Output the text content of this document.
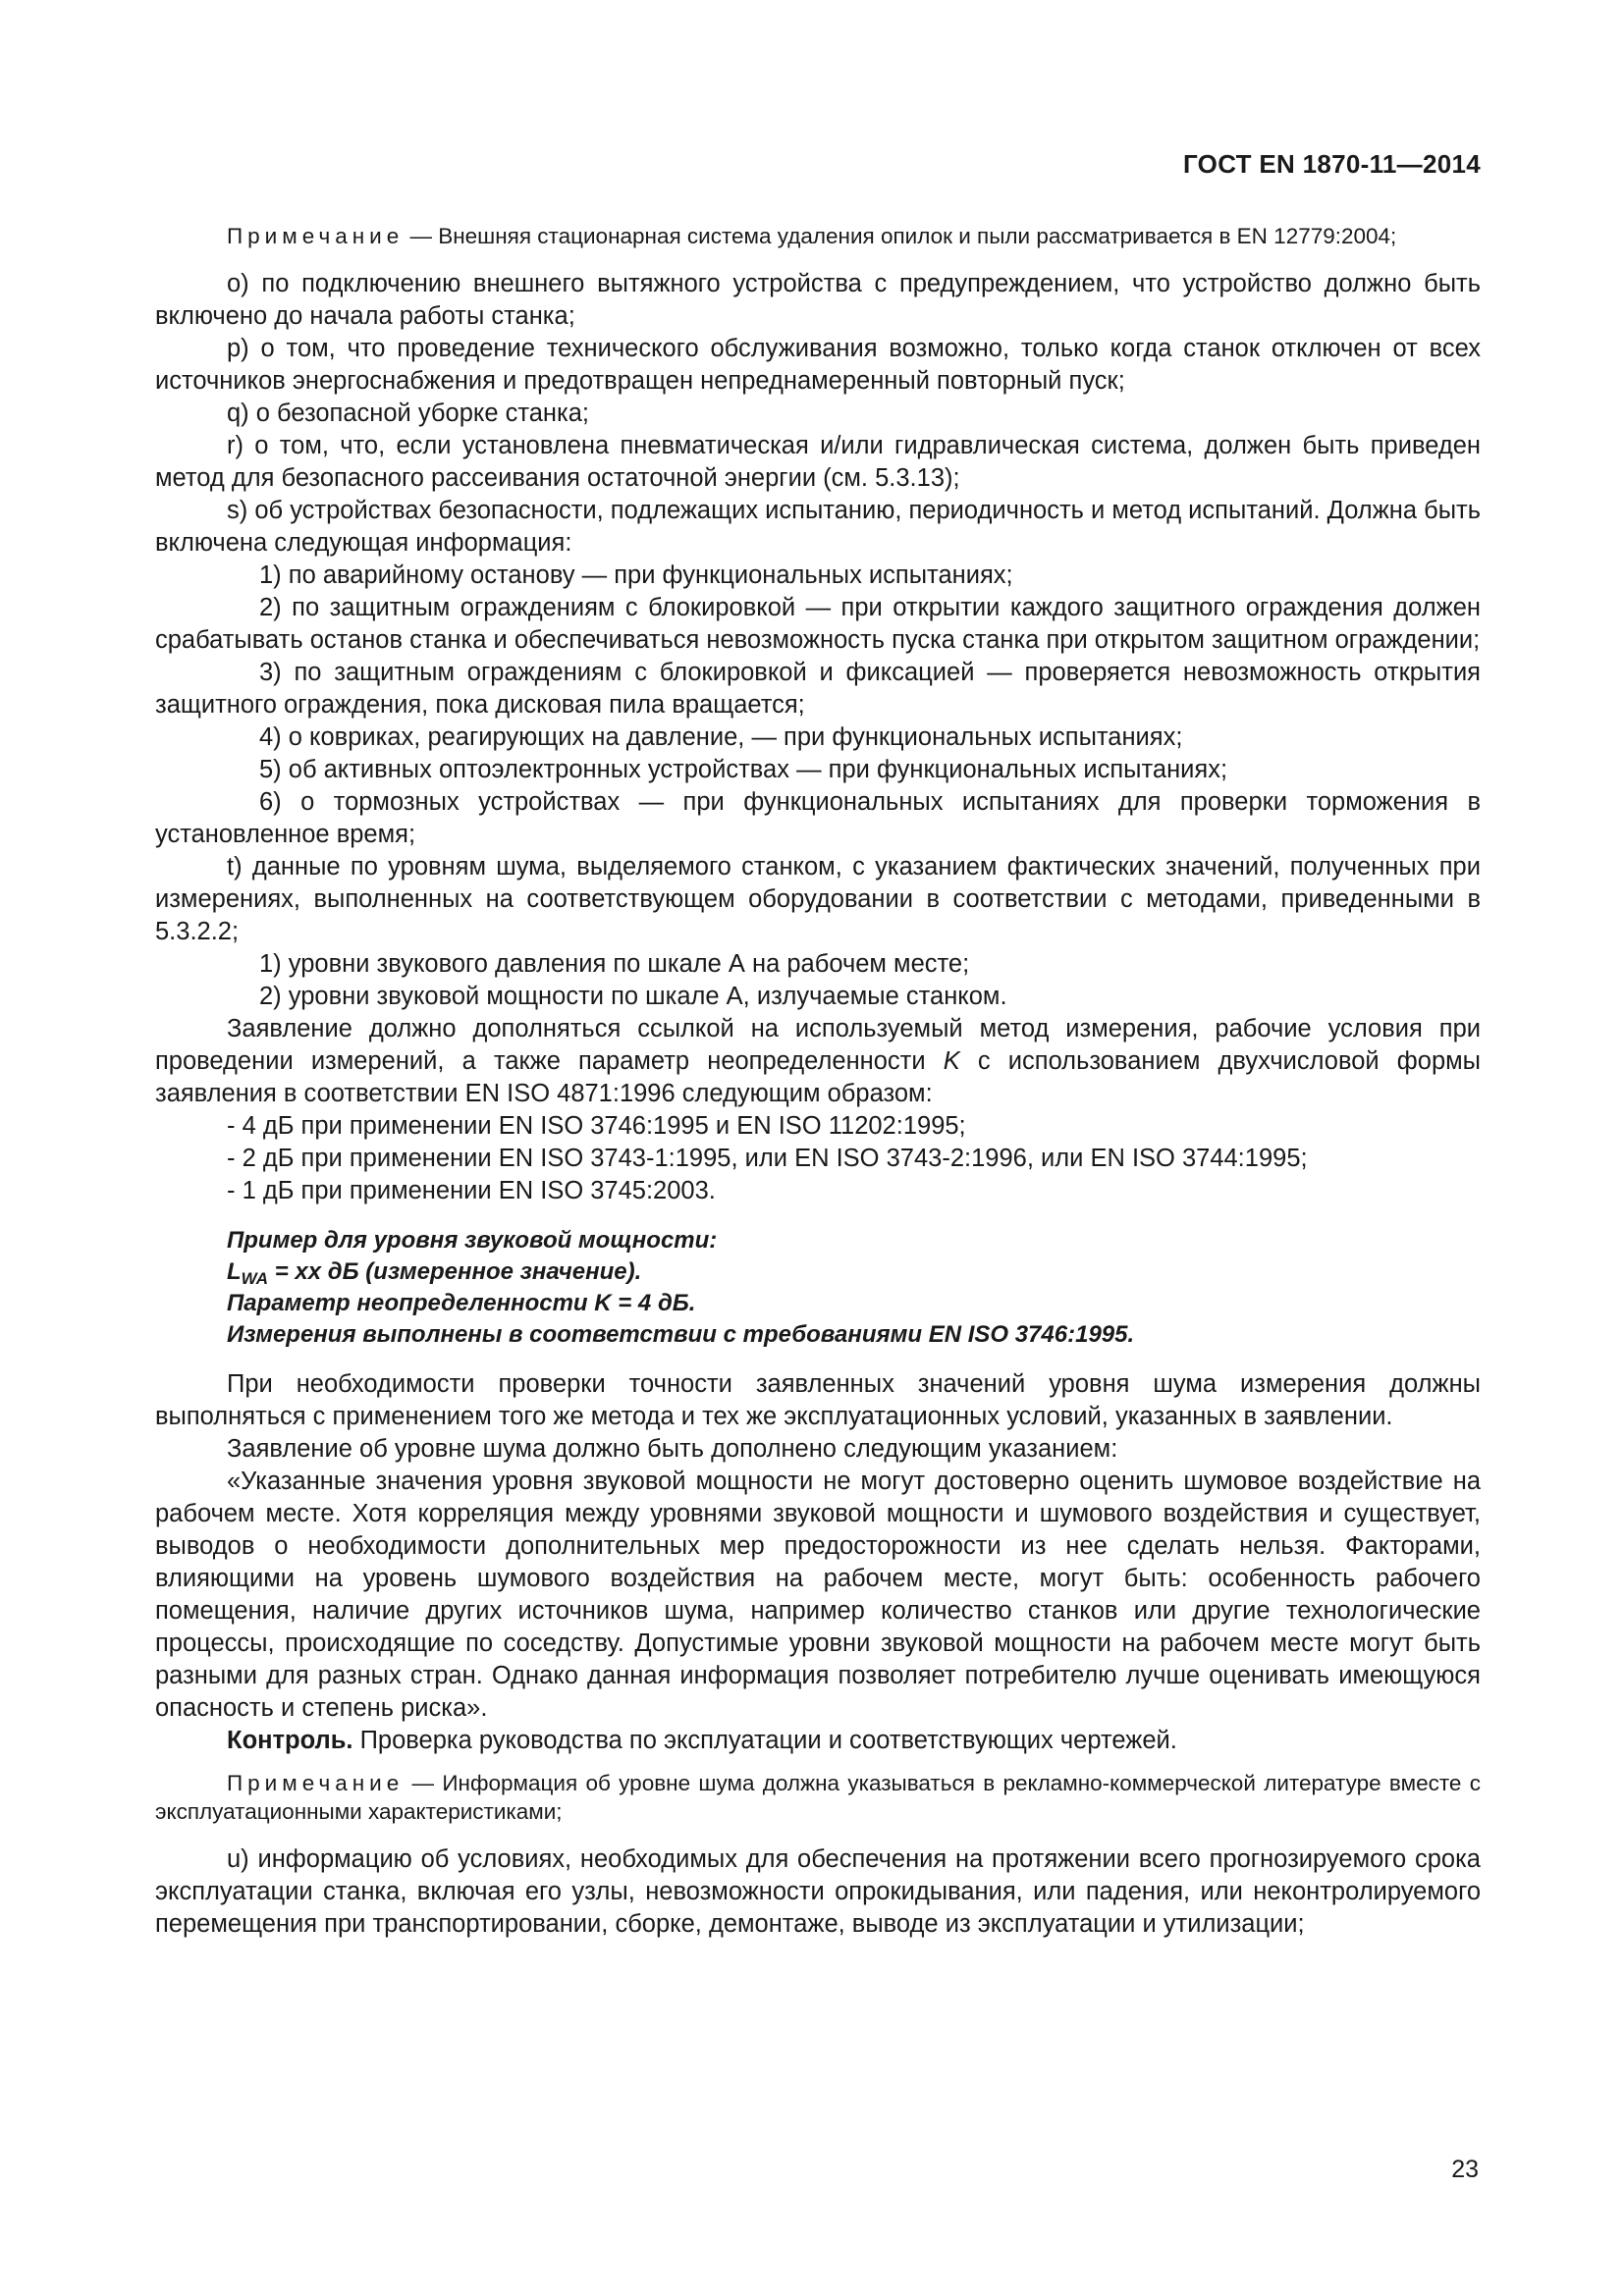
ГОСТ EN 1870-11—2014

Примечание — Внешняя стационарная система удаления опилок и пыли рассматривается в EN 12779:2004;

о) по подключению внешнего вытяжного устройства с предупреждением, что устройство должно быть включено до начала работы станка;

р) о том, что проведение технического обслуживания возможно, только когда станок отключен от всех источников энергоснабжения и предотвращен непреднамеренный повторный пуск;

q) о безопасной уборке станка;

r) о том, что, если установлена пневматическая и/или гидравлическая система, должен быть приведен метод для безопасного рассеивания остаточной энергии (см. 5.3.13);

s) об устройствах безопасности, подлежащих испытанию, периодичность и метод испытаний. Должна быть включена следующая информация:

1) по аварийному останову — при функциональных испытаниях;

2) по защитным ограждениям с блокировкой — при открытии каждого защитного ограждения должен срабатывать останов станка и обеспечиваться невозможность пуска станка при открытом защитном ограждении;

3) по защитным ограждениям с блокировкой и фиксацией — проверяется невозможность открытия защитного ограждения, пока дисковая пила вращается;

4) о ковриках, реагирующих на давление, — при функциональных испытаниях;

5) об активных оптоэлектронных устройствах — при функциональных испытаниях;

6) о тормозных устройствах — при функциональных испытаниях для проверки торможения в установленное время;

t) данные по уровням шума, выделяемого станком, с указанием фактических значений, полученных при измерениях, выполненных на соответствующем оборудовании в соответствии с методами, приведенными в 5.3.2.2;

1) уровни звукового давления по шкале А на рабочем месте;

2) уровни звуковой мощности по шкале А, излучаемые станком.

Заявление должно дополняться ссылкой на используемый метод измерения, рабочие условия при проведении измерений, а также параметр неопределенности K с использованием двухчисловой формы заявления в соответствии EN ISO 4871:1996 следующим образом:

- 4 дБ при применении EN ISO 3746:1995 и EN ISO 11202:1995;

- 2 дБ при применении EN ISO 3743-1:1995, или EN ISO 3743-2:1996, или EN ISO 3744:1995;

- 1 дБ при применении EN ISO 3745:2003.

Пример для уровня звуковой мощности:
$L_{WA}$ = хх дБ (измеренное значение).
Параметр неопределенности K = 4 дБ.
Измерения выполнены в соответствии с требованиями EN ISO 3746:1995.

При необходимости проверки точности заявленных значений уровня шума измерения должны выполняться с применением того же метода и тех же эксплуатационных условий, указанных в заявлении.

Заявление об уровне шума должно быть дополнено следующим указанием:

«Указанные значения уровня звуковой мощности не могут достоверно оценить шумовое воздействие на рабочем месте. Хотя корреляция между уровнями звуковой мощности и шумового воздействия и существует, выводов о необходимости дополнительных мер предосторожности из нее сделать нельзя. Факторами, влияющими на уровень шумового воздействия на рабочем месте, могут быть: особенность рабочего помещения, наличие других источников шума, например количество станков или другие технологические процессы, происходящие по соседству. Допустимые уровни звуковой мощности на рабочем месте могут быть разными для разных стран. Однако данная информация позволяет потребителю лучше оценивать имеющуюся опасность и степень риска».

Контроль. Проверка руководства по эксплуатации и соответствующих чертежей.

Примечание — Информация об уровне шума должна указываться в рекламно-коммерческой литературе вместе с эксплуатационными характеристиками;

u) информацию об условиях, необходимых для обеспечения на протяжении всего прогнозируемого срока эксплуатации станка, включая его узлы, невозможности опрокидывания, или падения, или неконтролируемого перемещения при транспортировании, сборке, демонтаже, выводе из эксплуатации и утилизации;

23
